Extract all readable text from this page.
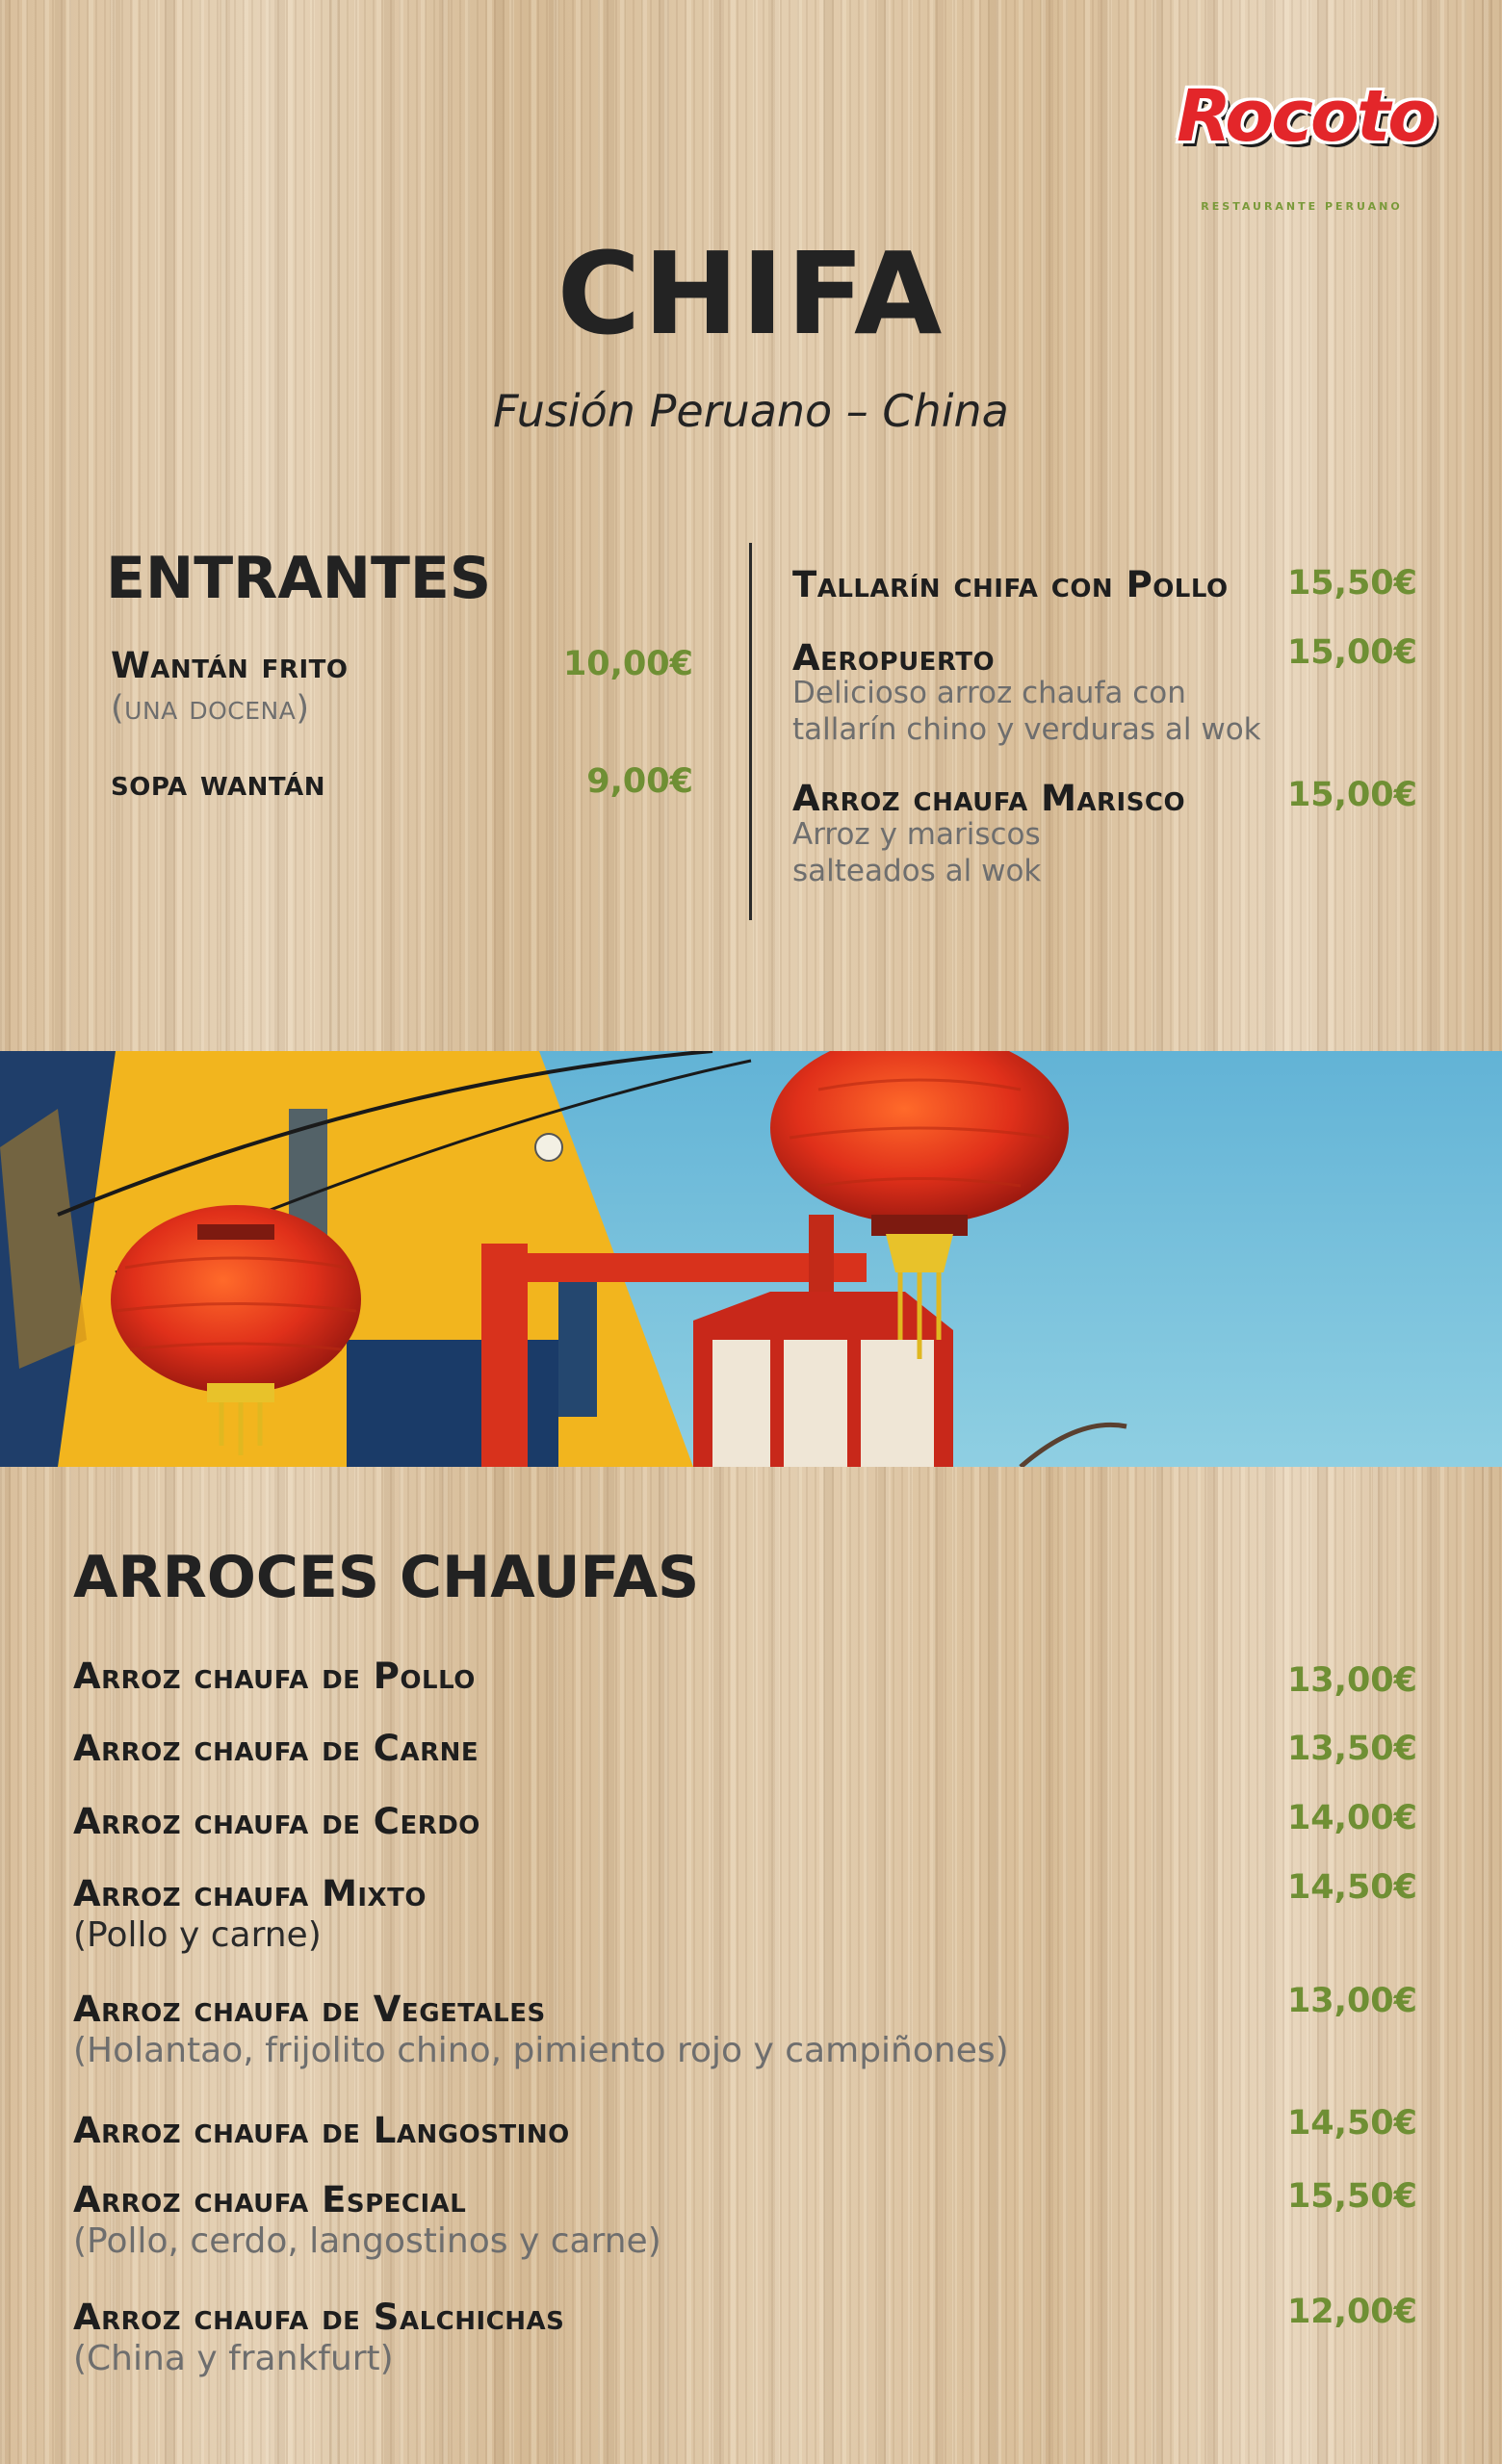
Rocoto
RESTAURANTE PERUANO
CHIFA
Fusión Peruano – China
ENTRANTES
Wantán frito
(una docena)
10,00€
sopa wantán	9,00€
Tallarín chifa con Pollo	15,50€
Aeropuerto
Delicioso arroz chaufa con
tallarín chino y verduras al wok
15,00€
Arroz chaufa Marisco
Arroz y mariscos
salteados al wok
15,00€
ARROCES CHAUFAS
Arroz chaufa de Pollo	13,00€
Arroz chaufa de Carne	13,50€
Arroz chaufa de Cerdo	14,00€
Arroz chaufa Mixto
(Pollo y carne)
14,50€
Arroz chaufa de Vegetales
(Holantao, frijolito chino, pimiento rojo y campiñones)
13,00€
Arroz chaufa de Langostino	14,50€
Arroz chaufa Especial
(Pollo, cerdo, langostinos y carne)
15,50€
Arroz chaufa de Salchichas
(China y frankfurt)
12,00€
